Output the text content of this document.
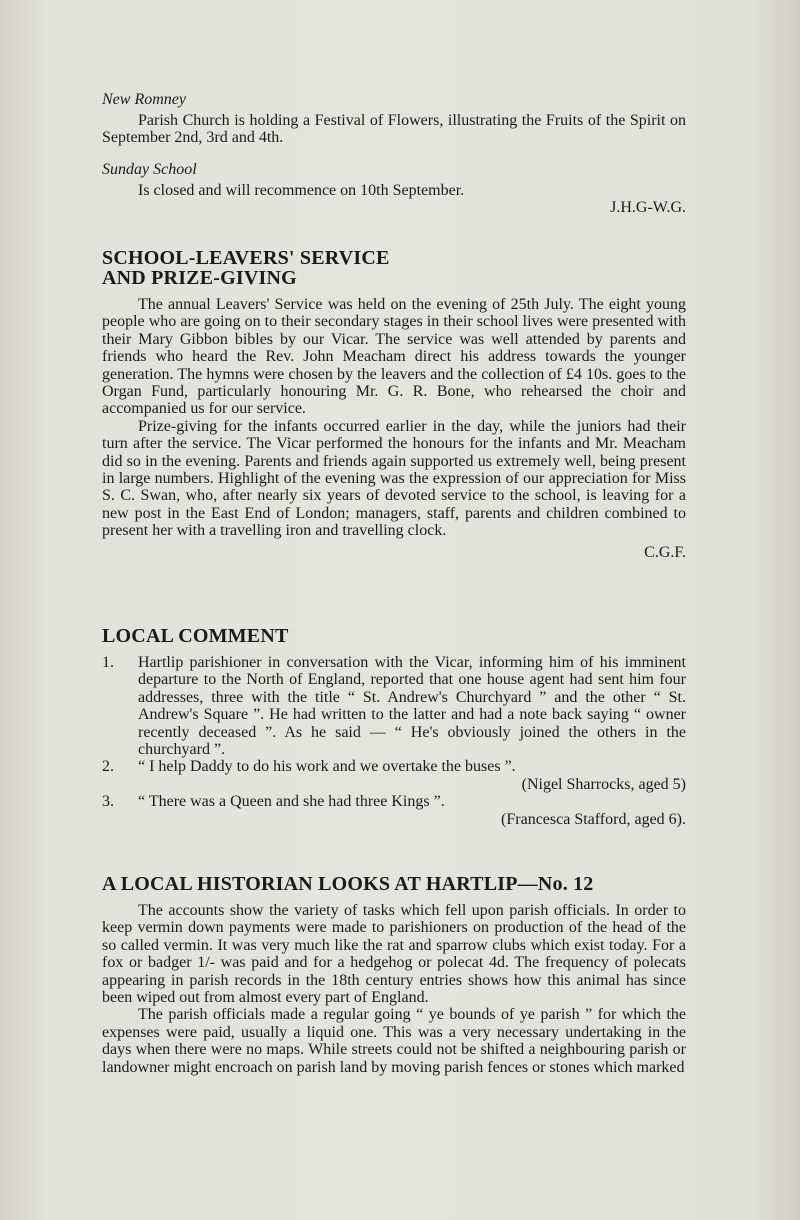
New Romney

Parish Church is holding a Festival of Flowers, illustrating the Fruits of the Spirit on September 2nd, 3rd and 4th.

Sunday School

Is closed and will recommence on 10th September.

J.H.G-W.G.

SCHOOL-LEAVERS' SERVICE
AND PRIZE-GIVING

The annual Leavers' Service was held on the evening of 25th July. The eight young people who are going on to their secondary stages in their school lives were presented with their Mary Gibbon bibles by our Vicar. The service was well attended by parents and friends who heard the Rev. John Meacham direct his address towards the younger generation. The hymns were chosen by the leavers and the collection of £4 10s. goes to the Organ Fund, particularly honouring Mr. G. R. Bone, who rehearsed the choir and accompanied us for our service.

Prize-giving for the infants occurred earlier in the day, while the juniors had their turn after the service. The Vicar performed the honours for the infants and Mr. Meacham did so in the evening. Parents and friends again supported us extremely well, being present in large numbers. Highlight of the evening was the expression of our appreciation for Miss S. C. Swan, who, after nearly six years of devoted service to the school, is leaving for a new post in the East End of London; managers, staff, parents and children combined to present her with a travelling iron and travelling clock.

C.G.F.

LOCAL COMMENT
1. Hartlip parishioner in conversation with the Vicar, informing him of his imminent departure to the North of England, reported that one house agent had sent him four addresses, three with the title “ St. Andrew's Churchyard ” and the other “ St. Andrew's Square ”. He had written to the latter and had a note back saying “ owner recently deceased ”. As he said — “ He's obviously joined the others in the churchyard ”.
2. “ I help Daddy to do his work and we overtake the buses ”.

(Nigel Sharrocks, aged 5)

3. “ There was a Queen and she had three Kings ”.

(Francesca Stafford, aged 6).

A LOCAL HISTORIAN LOOKS AT HARTLIP—No. 12

The accounts show the variety of tasks which fell upon parish officials. In order to keep vermin down payments were made to parishioners on production of the head of the so called vermin. It was very much like the rat and sparrow clubs which exist today. For a fox or badger 1/- was paid and for a hedgehog or polecat 4d. The frequency of polecats appearing in parish records in the 18th century entries shows how this animal has since been wiped out from almost every part of England.

The parish officials made a regular going “ ye bounds of ye parish ” for which the expenses were paid, usually a liquid one. This was a very necessary undertaking in the days when there were no maps. While streets could not be shifted a neighbouring parish or landowner might encroach on parish land by moving parish fences or stones which marked
